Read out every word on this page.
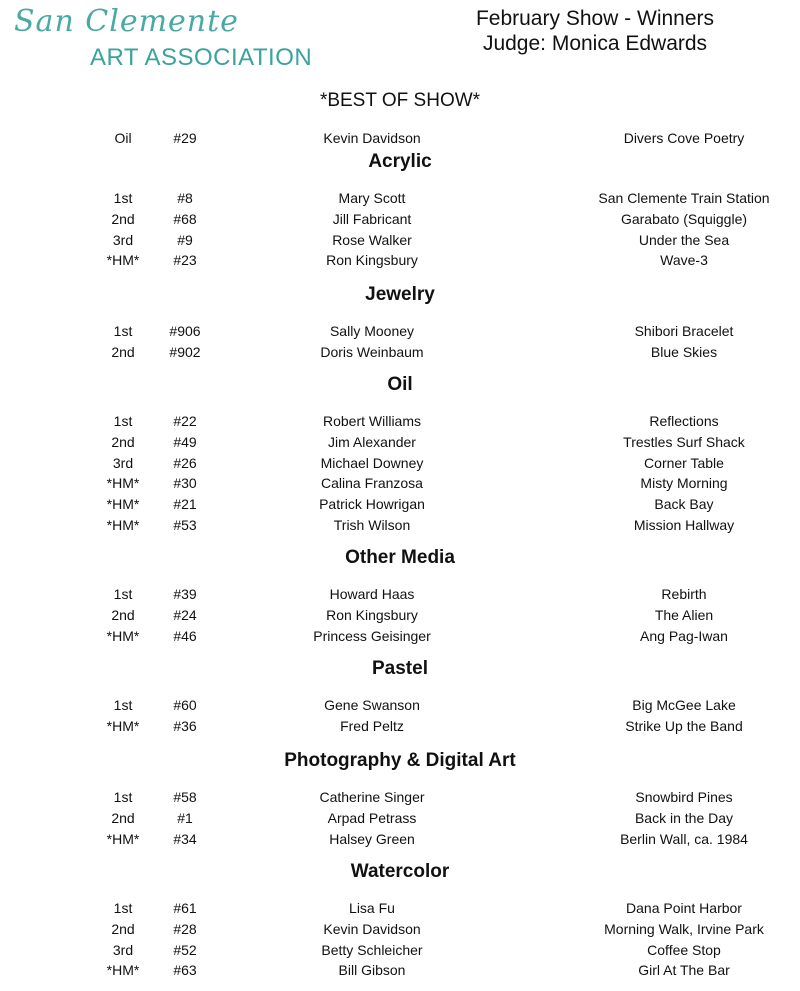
San Clemente
ART ASSOCIATION
February Show - Winners
Judge: Monica Edwards
*BEST OF SHOW*
Oil	#29	Kevin Davidson	Divers Cove Poetry
Acrylic
1st	#8	Mary Scott	San Clemente Train Station
2nd	#68	Jill Fabricant	Garabato (Squiggle)
3rd	#9	Rose Walker	Under the Sea
*HM*	#23	Ron Kingsbury	Wave-3
Jewelry
1st	#906	Sally Mooney	Shibori Bracelet
2nd	#902	Doris Weinbaum	Blue Skies
Oil
1st	#22	Robert Williams	Reflections
2nd	#49	Jim Alexander	Trestles Surf Shack
3rd	#26	Michael Downey	Corner Table
*HM*	#30	Calina Franzosa	Misty Morning
*HM*	#21	Patrick Howrigan	Back Bay
*HM*	#53	Trish Wilson	Mission Hallway
Other Media
1st	#39	Howard Haas	Rebirth
2nd	#24	Ron Kingsbury	The Alien
*HM*	#46	Princess Geisinger	Ang Pag-Iwan
Pastel
1st	#60	Gene Swanson	Big McGee Lake
*HM*	#36	Fred Peltz	Strike Up the Band
Photography & Digital Art
1st	#58	Catherine Singer	Snowbird Pines
2nd	#1	Arpad Petrass	Back in the Day
*HM*	#34	Halsey Green	Berlin Wall, ca. 1984
Watercolor
1st	#61	Lisa Fu	Dana Point Harbor
2nd	#28	Kevin Davidson	Morning Walk, Irvine Park
3rd	#52	Betty Schleicher	Coffee Stop
*HM*	#63	Bill Gibson	Girl At The Bar
